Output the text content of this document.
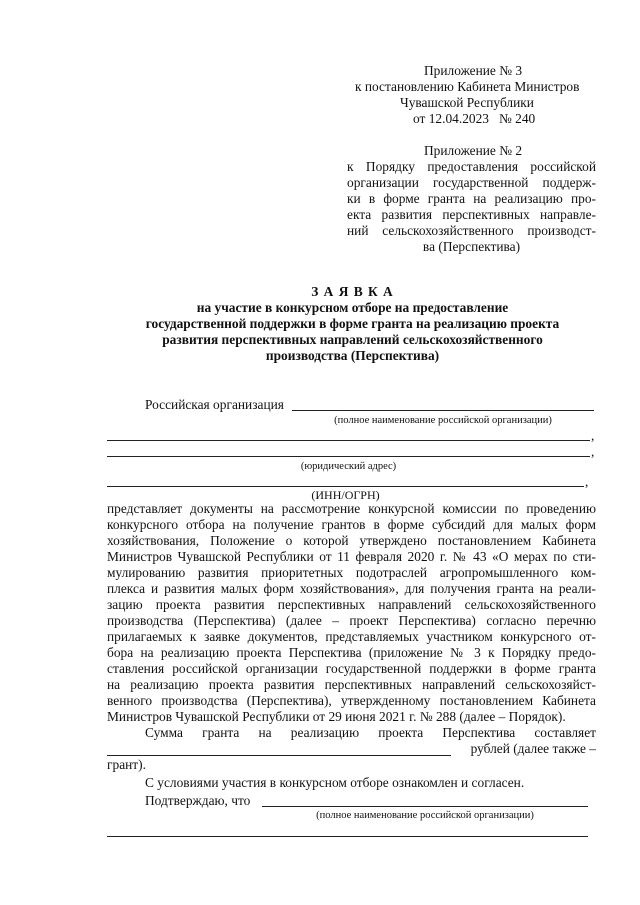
Приложение № 3
к постановлению Кабинета Министров
Чувашской Республики
от 12.04.2023   № 240
Приложение № 2
к Порядку предоставления российской
организации государственной поддерж-
ки в форме гранта на реализацию про-
екта развития перспективных направле-
ний сельскохозяйственного производст-
ва (Перспектива)
З А Я В К А
на участие в конкурсном отборе на предоставление
государственной поддержки в форме гранта на реализацию проекта
развития перспективных направлений сельскохозяйственного
производства (Перспектива)
Российская организация
(полное наименование российской организации)
,
,
(юридический адрес)
,
(ИНН/ОГРН)
представляет документы на рассмотрение конкурсной комиссии по проведению
конкурсного отбора на получение грантов в форме субсидий для малых форм
хозяйствования, Положение о которой утверждено постановлением Кабинета
Министров Чувашской Республики от 11 февраля 2020 г. № 43 «О мерах по сти-
мулированию развития приоритетных подотраслей агропромышленного ком-
плекса и развития малых форм хозяйствования», для получения гранта на реали-
зацию проекта развития перспективных направлений сельскохозяйственного
производства (Перспектива) (далее – проект Перспектива) согласно перечню
прилагаемых к заявке документов, представляемых участником конкурсного от-
бора на реализацию проекта Перспектива (приложение № 3 к Порядку предо-
ставления российской организации государственной поддержки в форме гранта
на реализацию проекта развития перспективных направлений сельскохозяйст-
венного производства (Перспектива), утвержденному постановлением Кабинета
Министров Чувашской Республики от 29 июня 2021 г. № 288 (далее – Порядок).
Сумма гранта на реализацию проекта Перспектива составляет
рублей (далее также –
грант).
С условиями участия в конкурсном отборе ознакомлен и согласен.
Подтверждаю, что
(полное наименование российской организации)
